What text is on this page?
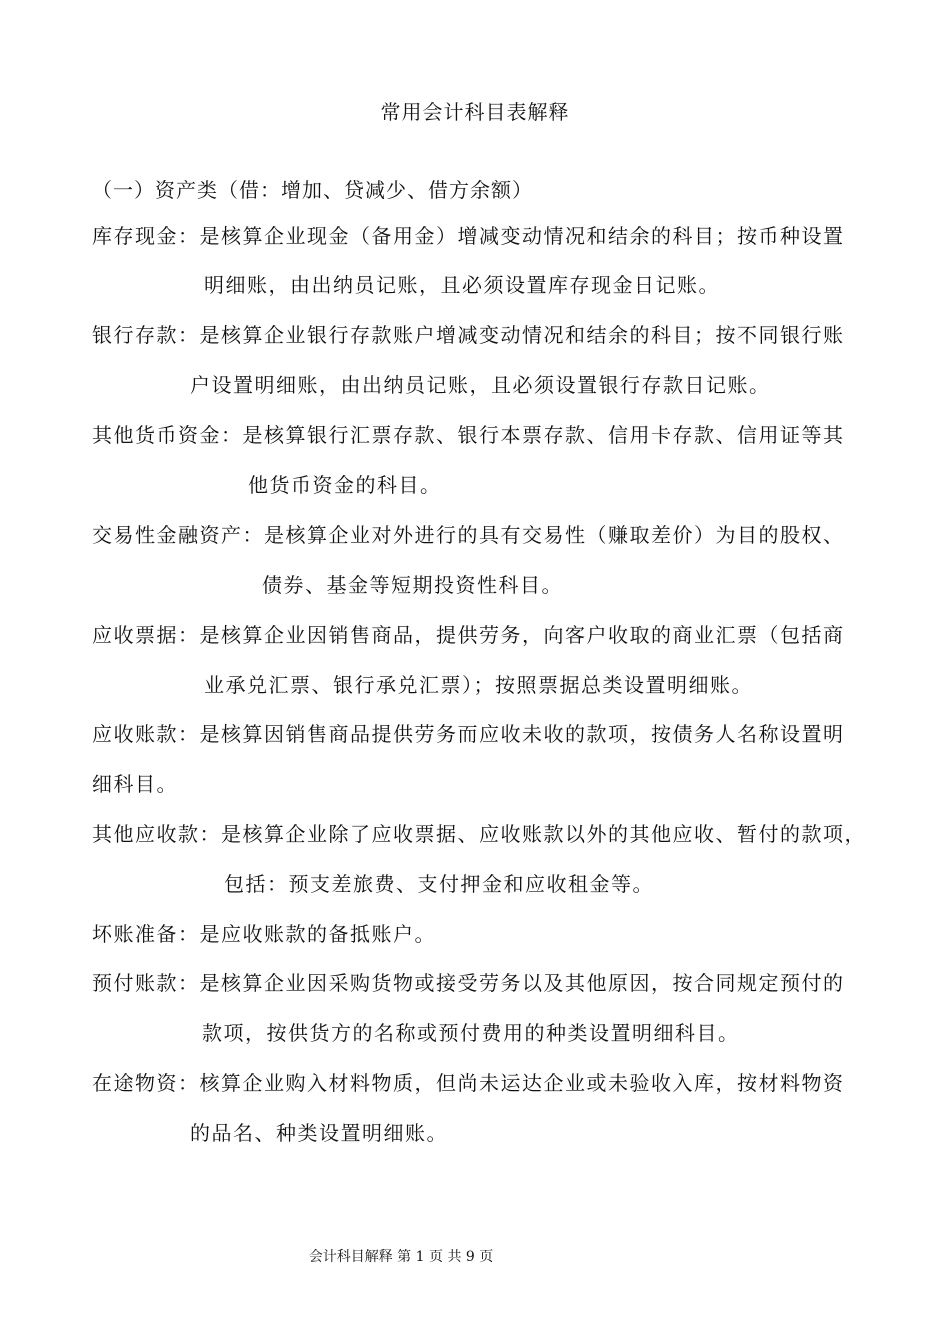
常用会计科目表解释
（一）资产类（借：增加、贷减少、借方余额）
库存现金：是核算企业现金（备用金）增减变动情况和结余的科目；按币种设置
明细账，由出纳员记账，且必须设置库存现金日记账。
银行存款：是核算企业银行存款账户增减变动情况和结余的科目；按不同银行账
户设置明细账，由出纳员记账，且必须设置银行存款日记账。
其他货币资金：是核算银行汇票存款、银行本票存款、信用卡存款、信用证等其
他货币资金的科目。
交易性金融资产：是核算企业对外进行的具有交易性（赚取差价）为目的股权、
债券、基金等短期投资性科目。
应收票据：是核算企业因销售商品，提供劳务，向客户收取的商业汇票（包括商
业承兑汇票、银行承兑汇票）；按照票据总类设置明细账。
应收账款：是核算因销售商品提供劳务而应收未收的款项，按债务人名称设置明
细科目。
其他应收款：是核算企业除了应收票据、应收账款以外的其他应收、暂付的款项，
包括：预支差旅费、支付押金和应收租金等。
坏账准备：是应收账款的备抵账户。
预付账款：是核算企业因采购货物或接受劳务以及其他原因，按合同规定预付的
款项，按供货方的名称或预付费用的种类设置明细科目。
在途物资：核算企业购入材料物质，但尚未运达企业或未验收入库，按材料物资
的品名、种类设置明细账。
会计科目解释 第 1 页 共 9 页
